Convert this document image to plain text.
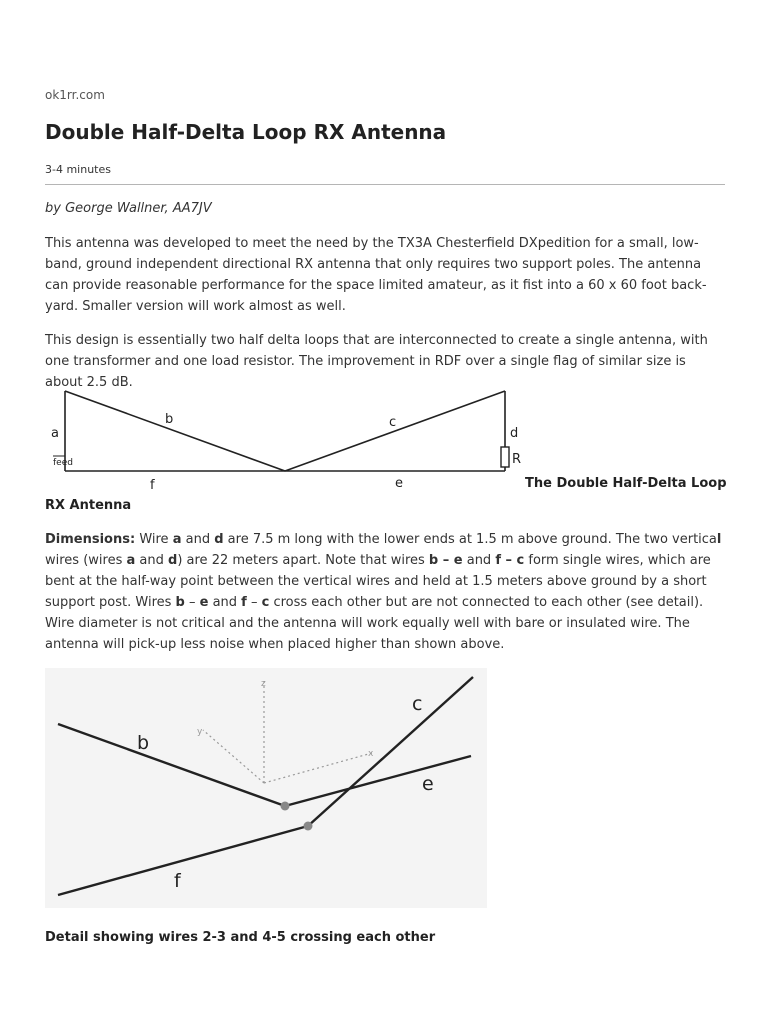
ok1rr.com
Double Half-Delta Loop RX Antenna
3-4 minutes
by George Wallner, AA7JV

This antenna was developed to meet the need by the TX3A Chesterfield DXpedition for a small, low-band, ground independent directional RX antenna that only requires two support poles. The antenna can provide reasonable performance for the space limited amateur, as it fist into a 60 x 60 foot back-yard. Smaller version will work almost as well.

This design is essentially two half delta loops that are interconnected to create a single antenna, with one transformer and one load resistor. The improvement in RDF over a single flag of similar size is about 2.5 dB.

a
b	c
d
R
f	e
feed
The Double Half-Delta Loop
RX Antenna

Dimensions: Wire a and d are 7.5 m long with the lower ends at 1.5 m above ground. The two vertical wires (wires a and d) are 22 meters apart. Note that wires b – e and f – c form single wires, which are bent at the half-way point between the vertical wires and held at 1.5 meters above ground by a short support post. Wires b – e and f – c cross each other but are not connected to each other (see detail). Wire diameter is not critical and the antenna will work equally well with bare or insulated wire. The antenna will pick-up less noise when placed higher than shown above.

z
y
x
b
c
e
f
Detail showing wires 2-3 and 4-5 crossing each other
